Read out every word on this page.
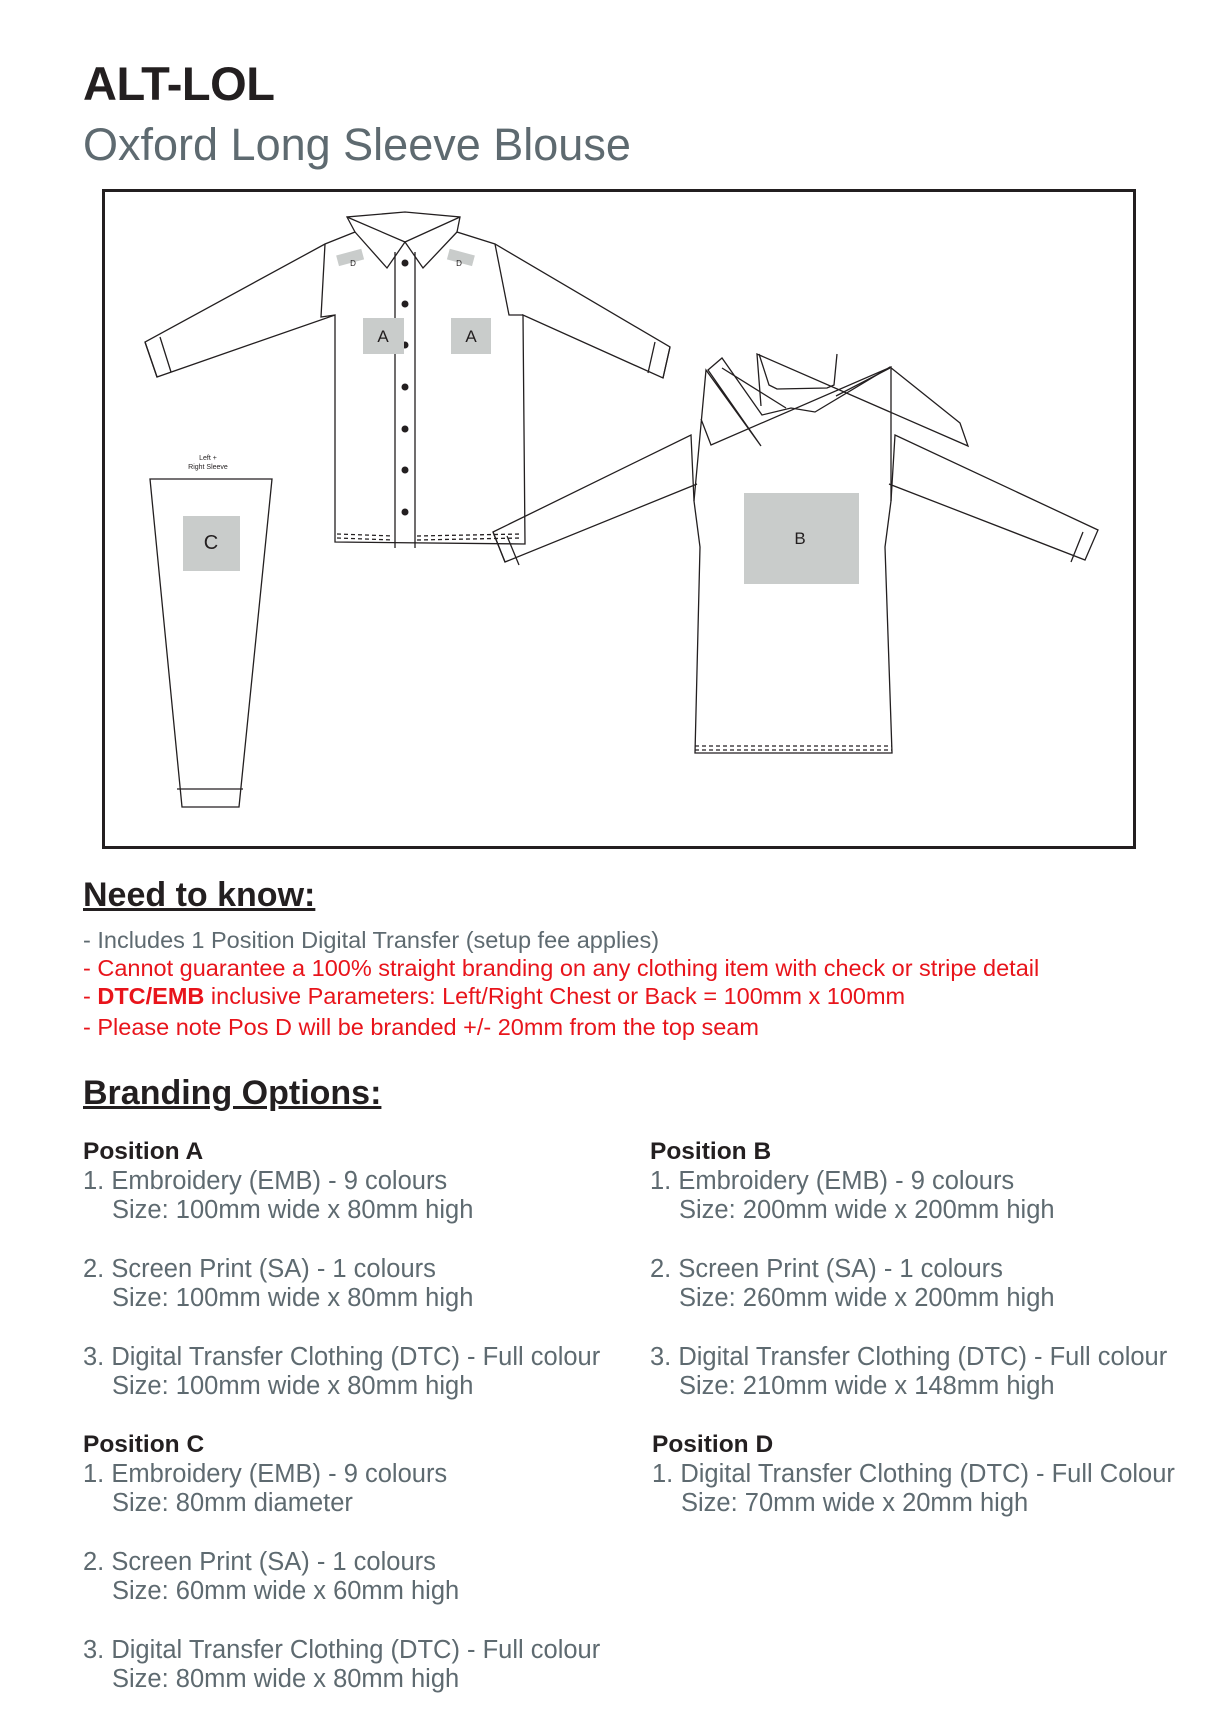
ALT-LOL
Oxford Long Sleeve Blouse
A	A
B
C
D	D
Left +
Right Sleeve
Need to know:
- Includes 1 Position Digital Transfer (setup fee applies)
- Cannot guarantee a 100% straight branding on any clothing item with check or stripe detail
- DTC/EMB inclusive Parameters: Left/Right Chest or Back = 100mm x 100mm
- Please note Pos D will be branded +/- 20mm from the top seam
Branding Options:
Position A
1. Embroidery (EMB) - 9 colours
Size: 100mm wide x 80mm high
2. Screen Print (SA) - 1 colours
Size: 100mm wide x 80mm high
3. Digital Transfer Clothing (DTC) - Full colour
Size: 100mm wide x 80mm high
Position B
1. Embroidery (EMB) - 9 colours
Size: 200mm wide x 200mm high
2. Screen Print (SA) - 1 colours
Size: 260mm wide x 200mm high
3. Digital Transfer Clothing (DTC) - Full colour
Size: 210mm wide x 148mm high
Position C
1. Embroidery (EMB) - 9 colours
Size: 80mm diameter
2. Screen Print (SA) - 1 colours
Size: 60mm wide x 60mm high
3. Digital Transfer Clothing (DTC) - Full colour
Size: 80mm wide x 80mm high
Position D
1. Digital Transfer Clothing (DTC) - Full Colour
Size: 70mm wide x 20mm high
